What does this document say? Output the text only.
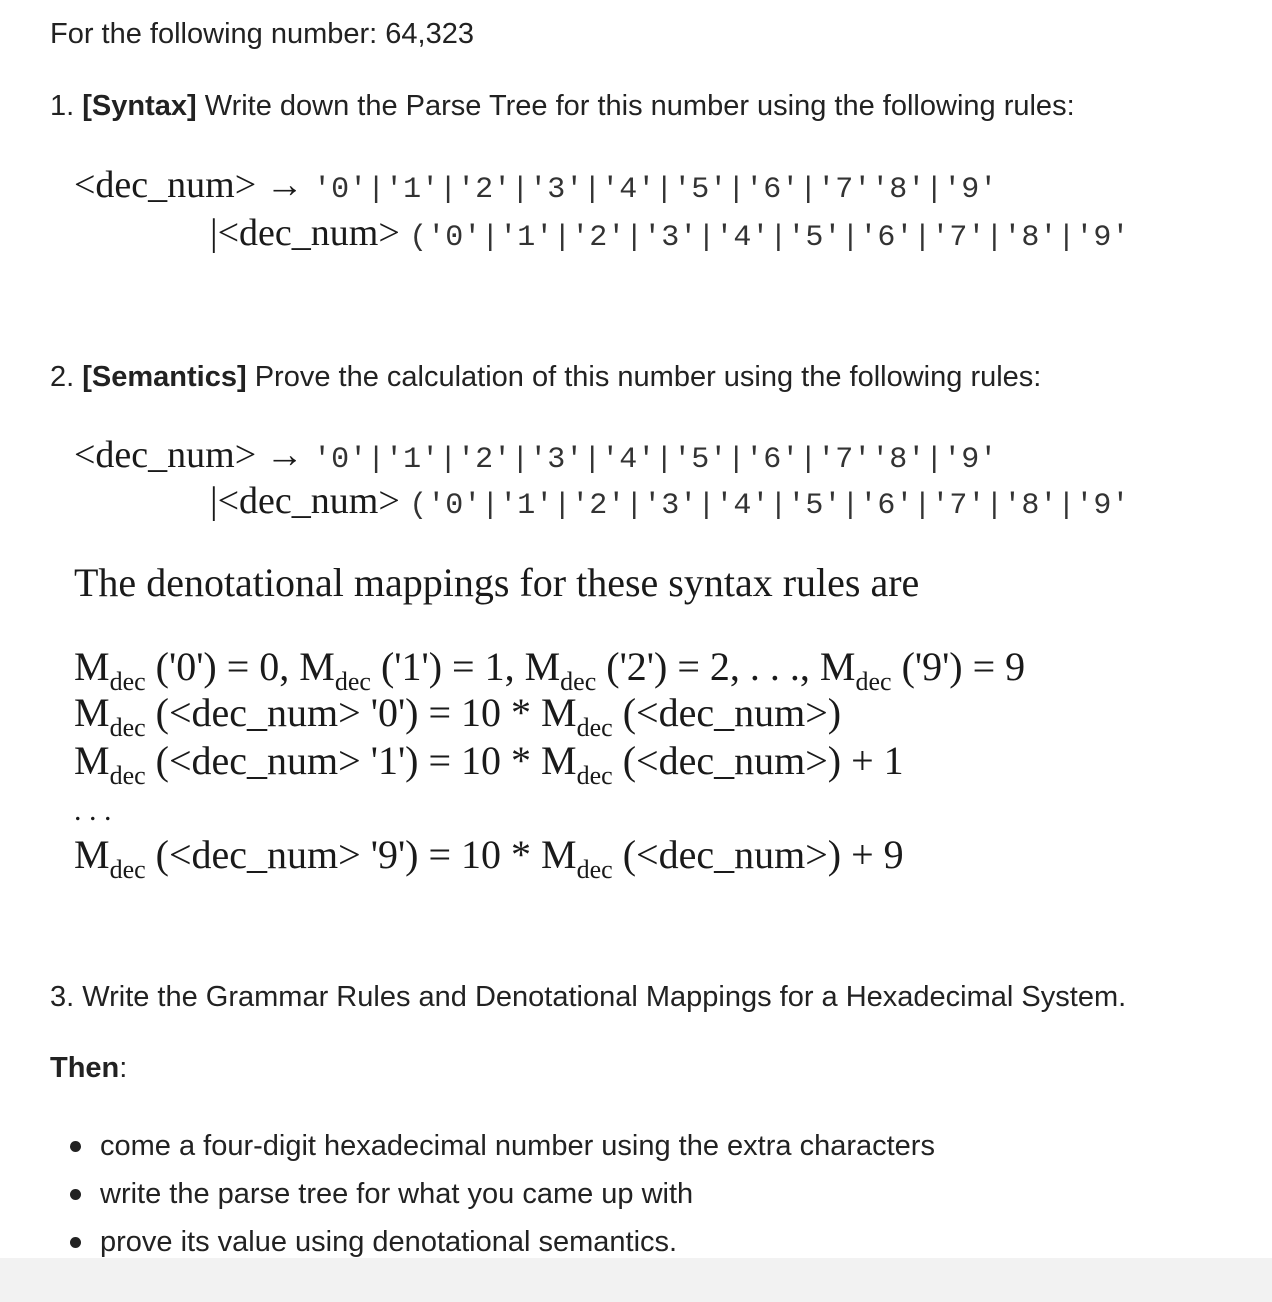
For the following number: 64,323
1. [Syntax] Write down the Parse Tree for this number using the following rules:
<dec_num> → '0'|'1'|'2'|'3'|'4'|'5'|'6'|'7''8'|'9'
|<dec_num> ('0'|'1'|'2'|'3'|'4'|'5'|'6'|'7'|'8'|'9'
2. [Semantics] Prove the calculation of this number using the following rules:
<dec_num> → '0'|'1'|'2'|'3'|'4'|'5'|'6'|'7''8'|'9'
|<dec_num> ('0'|'1'|'2'|'3'|'4'|'5'|'6'|'7'|'8'|'9'
The denotational mappings for these syntax rules are
$M_{dec}$ ('0') = 0, $M_{dec}$ ('1') = 1, $M_{dec}$ ('2') = 2, . . ., $M_{dec}$ ('9') = 9
$M_{dec}$ (<dec_num> '$0') = 10 * M_{dec}$ (<dec_num>)
$M_{dec}$ (<dec_num> '$1') = 10 * M_{dec}$ (<dec_num>) + 1
. . .
$M_{dec}$ (<dec_num> '$9') = 10 * M_{dec}$ (<dec_num>) + 9
3. Write the Grammar Rules and Denotational Mappings for a Hexadecimal System.
Then:
come a four-digit hexadecimal number using the extra characters
write the parse tree for what you came up with
prove its value using denotational semantics.
